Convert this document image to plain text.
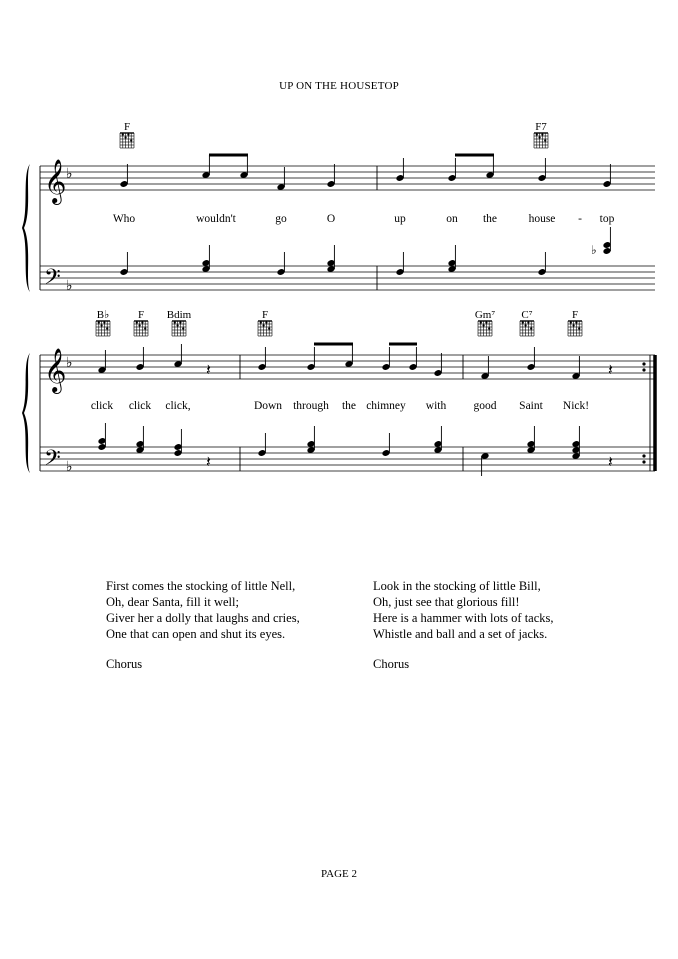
UP ON THE HOUSETOP
F	F7
B♭	F Bdim	F	Gm⁷ C⁷	F
𝄞
𝄢
♭
♭
♭
𝄞
𝄢
♭
♭
𝄽	𝄽
𝄽	𝄽
Who	wouldn't	go	O	up	on the	house - top
click click click,	Down through the chimney with good Saint Nick!
First comes the stocking of little Nell,
Oh, dear Santa, fill it well;
Giver her a dolly that laughs and cries,
One that can open and shut its eyes.
Chorus
Look in the stocking of little Bill,
Oh, just see that glorious fill!
Here is a hammer with lots of tacks,
Whistle and ball and a set of jacks.
Chorus
PAGE 2
